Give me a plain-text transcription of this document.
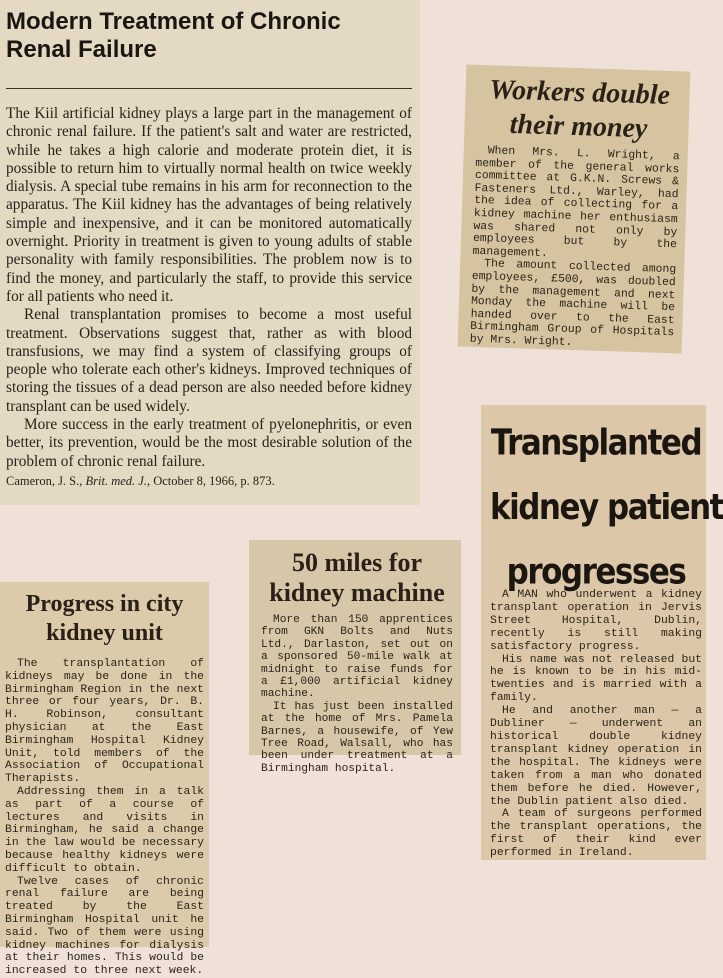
Modern Treatment of Chronic
Renal Failure

The Kiil artificial kidney plays a large part in the management of chronic renal failure. If the patient's salt and water are restricted, while he takes a high calorie and moderate protein diet, it is possible to return him to virtually normal health on twice weekly dialysis. A special tube remains in his arm for reconnection to the apparatus. The Kiil kidney has the advantages of being relatively simple and inexpensive, and it can be monitored automatically overnight. Priority in treatment is given to young adults of stable personality with family responsibilities. The problem now is to find the money, and particularly the staff, to provide this service for all patients who need it.

Renal transplantation promises to become a most useful treatment. Observations suggest that, rather as with blood transfusions, we may find a system of classifying groups of people who tolerate each other's kidneys. Improved techniques of storing the tissues of a dead person are also needed before kidney transplant can be used widely.

More success in the early treatment of pyelonephritis, or even better, its prevention, would be the most desirable solution of the problem of chronic renal failure.

Cameron, J. S., Brit. med. J., October 8, 1966, p. 873.
Workers double
their money

When Mrs. L. Wright, a member of the general works committee at G.K.N. Screws & Fasteners Ltd., Warley, had the idea of collecting for a kidney machine her enthusiasm was shared not only by employees but by the management.

The amount collected among employees, £500, was doubled by the management and next Monday the machine will be handed over to the East Birmingham Group of Hospitals by Mrs. Wright.

Transplanted
kidney patient
progresses

A MAN who underwent a kidney transplant operation in Jervis Street Hospital, Dublin, recently is still making satisfactory progress.

His name was not released but he is known to be in his mid-twenties and is married with a family.

He and another man — a Dubliner — underwent an historical double kidney transplant kidney operation in the hospital. The kidneys were taken from a man who donated them before he died. However, the Dublin patient also died.

A team of surgeons performed the transplant operations, the first of their kind ever performed in Ireland.

50 miles for
kidney machine

More than 150 apprentices from GKN Bolts and Nuts Ltd., Darlaston, set out on a sponsored 50-mile walk at midnight to raise funds for a £1,000 artificial kidney machine.

It has just been installed at the home of Mrs. Pamela Barnes, a housewife, of Yew Tree Road, Walsall, who has been under treatment at a Birmingham hospital.

Progress in city
kidney unit

The transplantation of kidneys may be done in the Birmingham Region in the next three or four years, Dr. B. H. Robinson, consultant physician at the East Birmingham Hospital Kidney Unit, told members of the Association of Occupational Therapists.

Addressing them in a talk as part of a course of lectures and visits in Birmingham, he said a change in the law would be necessary because healthy kidneys were difficult to obtain.

Twelve cases of chronic renal failure are being treated by the East Birmingham Hospital unit he said. Two of them were using kidney machines for dialysis at their homes. This would be increased to three next week.
